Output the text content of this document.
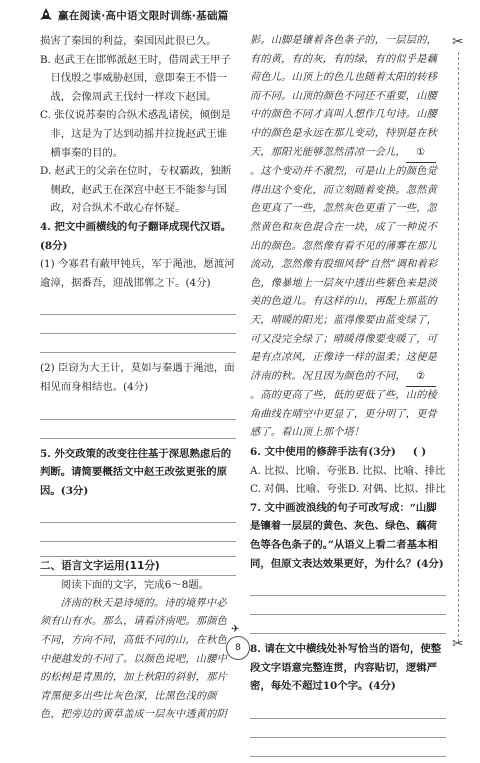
赢在阅读·高中语文限时训练·基础篇

损害了秦国的利益，秦国因此很已久。

B. 赵武王在邯郸派赵王时，借周武王甲子日伐殷之事威胁赵国，意即秦王不惜一战，会像周武王伐纣一样攻下赵国。

C. 张仪说苏秦的合纵术惑乱诸侯，倾倒是非，这是为了达到动摇并拉拢赵武王谁横事秦的目的。

D. 赵武王的父亲在位时，专权霸政，独断侧政，赵武王在深宫中赵王不能参与国政，对合纵术不敢心存怀疑。

4. 把文中画横线的句子翻译成现代汉语。(8分)

(1) 今寡君有蔽甲钝兵，军于渑池，愿渡河逾漳，据番吾，迎战邯郸之下。(4分)

(2) 臣窃为大王计，莫如与秦遇于渑池，面相见而身相结也。(4分)

5. 外交政策的改变往往基于深思熟虑后的判断。请简要概括文中赵王改弦更张的原因。(3分)

二、语言文字运用(11分)

阅读下面的文字，完成6～8题。

济南的秋天是诗境的。诗的境界中必须有山有水。那么，请看济南吧。那颜色不同，方向不同，高低不同的山，在秋色中便越发的不同了。以颜色说吧，山腰中的松树是青黑的，加上秋阳的斜射，那片青黑便多出些比灰色深，比黑色浅的颜色，把旁边的黄草盖成一层灰中透黄的阴

影。山脚是镶着各色条子的，一层层的，有的黄，有的灰，有的绿，有的似乎是藕荷色儿。山顶上的色儿也随着太阳的转移而不同。山顶的颜色不同还不重要，山腰中的颜色不同才真叫人想作几句诗。山腰中的颜色是永远在那儿变动，特别是在秋天，那阳光能够忽然清凉一会儿， ①。这个变动并不激烈，可是山上的颜色觉得出这个变化，而立刻随着变换。忽然黄色更真了一些，忽然灰色更重了一些，忽然黄色和灰色混合在一块，成了一种说不出的颜色。忽然像有看不见的薄雾在那儿流动，忽然像有股细风替“自然”调和着彩色，像暴地上一层灰中透出些紫色来是淡美的色道儿。有这样的山，再配上那蓝的天，晴暖的阳光；蓝得像要由蓝变绿了，可又没完全绿了；晴暖得像要变暖了，可是有点凉风，正像诗一样的温柔；这便是济南的秋。况且因为颜色的不同， ②。高的更高了些，低的更低了些，山的棱角曲线在晴空中更显了，更分明了，更骨感了。看山顶上那个塔！

6. 文中使用的修辞手法有(3分) ( )

A. 比拟、比喻、夸张 B. 比拟、比喻、排比
C. 对偶、比喻、夸张 D. 对偶、比拟、排比

7. 文中画波浪线的句子可改写成：“山脚是镶着一层层的黄色、灰色、绿色、藕荷色等各色条子的。”从语义上看二者基本相同，但原文表达效果更好，为什么？(4分)

8. 请在文中横线处补写恰当的语句，使整段文字语意完整连贯，内容贴切，逻辑严密，每处不超过10个字。(4分)

✂
✂
✈
8
